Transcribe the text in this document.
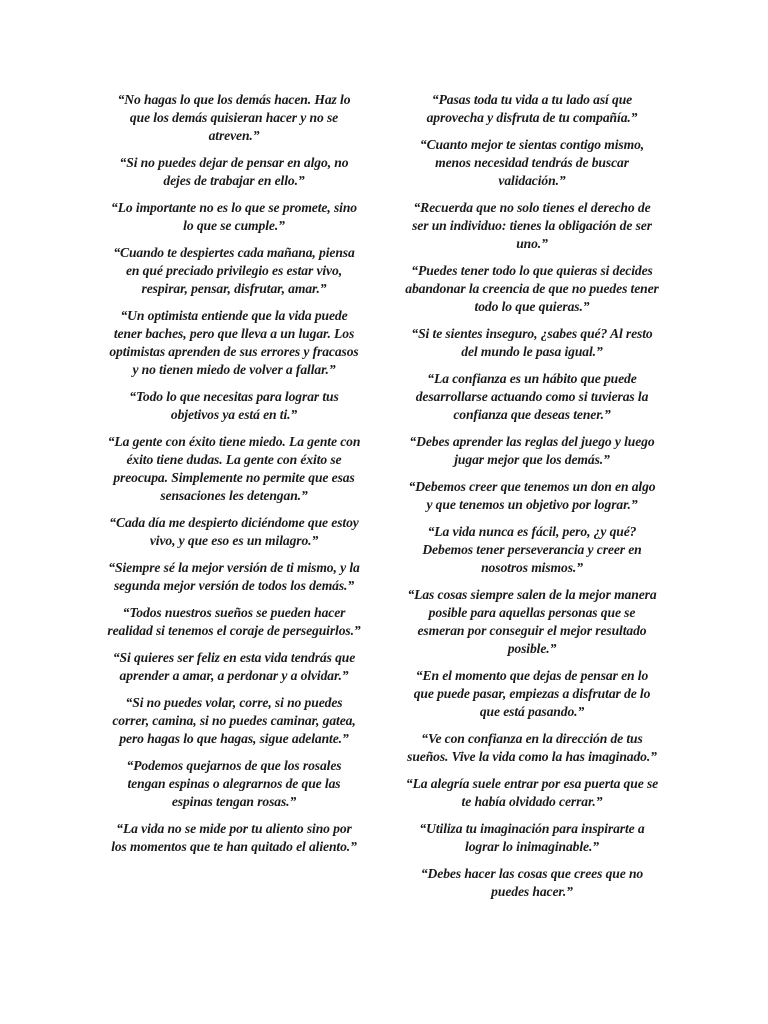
“No hagas lo que los demás hacen. Haz lo que los demás quisieran hacer y no se atreven.”

“Si no puedes dejar de pensar en algo, no dejes de trabajar en ello.”

“Lo importante no es lo que se promete, sino lo que se cumple.”

“Cuando te despiertes cada mañana, piensa en qué preciado privilegio es estar vivo, respirar, pensar, disfrutar, amar.”

“Un optimista entiende que la vida puede tener baches, pero que lleva a un lugar. Los optimistas aprenden de sus errores y fracasos y no tienen miedo de volver a fallar.”

“Todo lo que necesitas para lograr tus objetivos ya está en ti.”

“La gente con éxito tiene miedo. La gente con éxito tiene dudas. La gente con éxito se preocupa. Simplemente no permite que esas sensaciones les detengan.”

“Cada día me despierto diciéndome que estoy vivo, y que eso es un milagro.”

“Siempre sé la mejor versión de ti mismo, y la segunda mejor versión de todos los demás.”

“Todos nuestros sueños se pueden hacer realidad si tenemos el coraje de perseguirlos.”

“Si quieres ser feliz en esta vida tendrás que aprender a amar, a perdonar y a olvidar.”

“Si no puedes volar, corre, si no puedes correr, camina, si no puedes caminar, gatea, pero hagas lo que hagas, sigue adelante.”

“Podemos quejarnos de que los rosales tengan espinas o alegrarnos de que las espinas tengan rosas.”

“La vida no se mide por tu aliento sino por los momentos que te han quitado el aliento.”

“Pasas toda tu vida a tu lado así que aprovecha y disfruta de tu compañía.”

“Cuanto mejor te sientas contigo mismo, menos necesidad tendrás de buscar validación.”

“Recuerda que no solo tienes el derecho de ser un individuo: tienes la obligación de ser uno.”

“Puedes tener todo lo que quieras si decides abandonar la creencia de que no puedes tener todo lo que quieras.”

“Si te sientes inseguro, ¿sabes qué? Al resto del mundo le pasa igual.”

“La confianza es un hábito que puede desarrollarse actuando como si tuvieras la confianza que deseas tener.”

“Debes aprender las reglas del juego y luego jugar mejor que los demás.”

“Debemos creer que tenemos un don en algo y que tenemos un objetivo por lograr.”

“La vida nunca es fácil, pero, ¿y qué? Debemos tener perseverancia y creer en nosotros mismos.”

“Las cosas siempre salen de la mejor manera posible para aquellas personas que se esmeran por conseguir el mejor resultado posible.”

“En el momento que dejas de pensar en lo que puede pasar, empiezas a disfrutar de lo que está pasando.”

“Ve con confianza en la dirección de tus sueños. Vive la vida como la has imaginado.”

“La alegría suele entrar por esa puerta que se te había olvidado cerrar.”

“Utiliza tu imaginación para inspirarte a lograr lo inimaginable.”

“Debes hacer las cosas que crees que no puedes hacer.”
